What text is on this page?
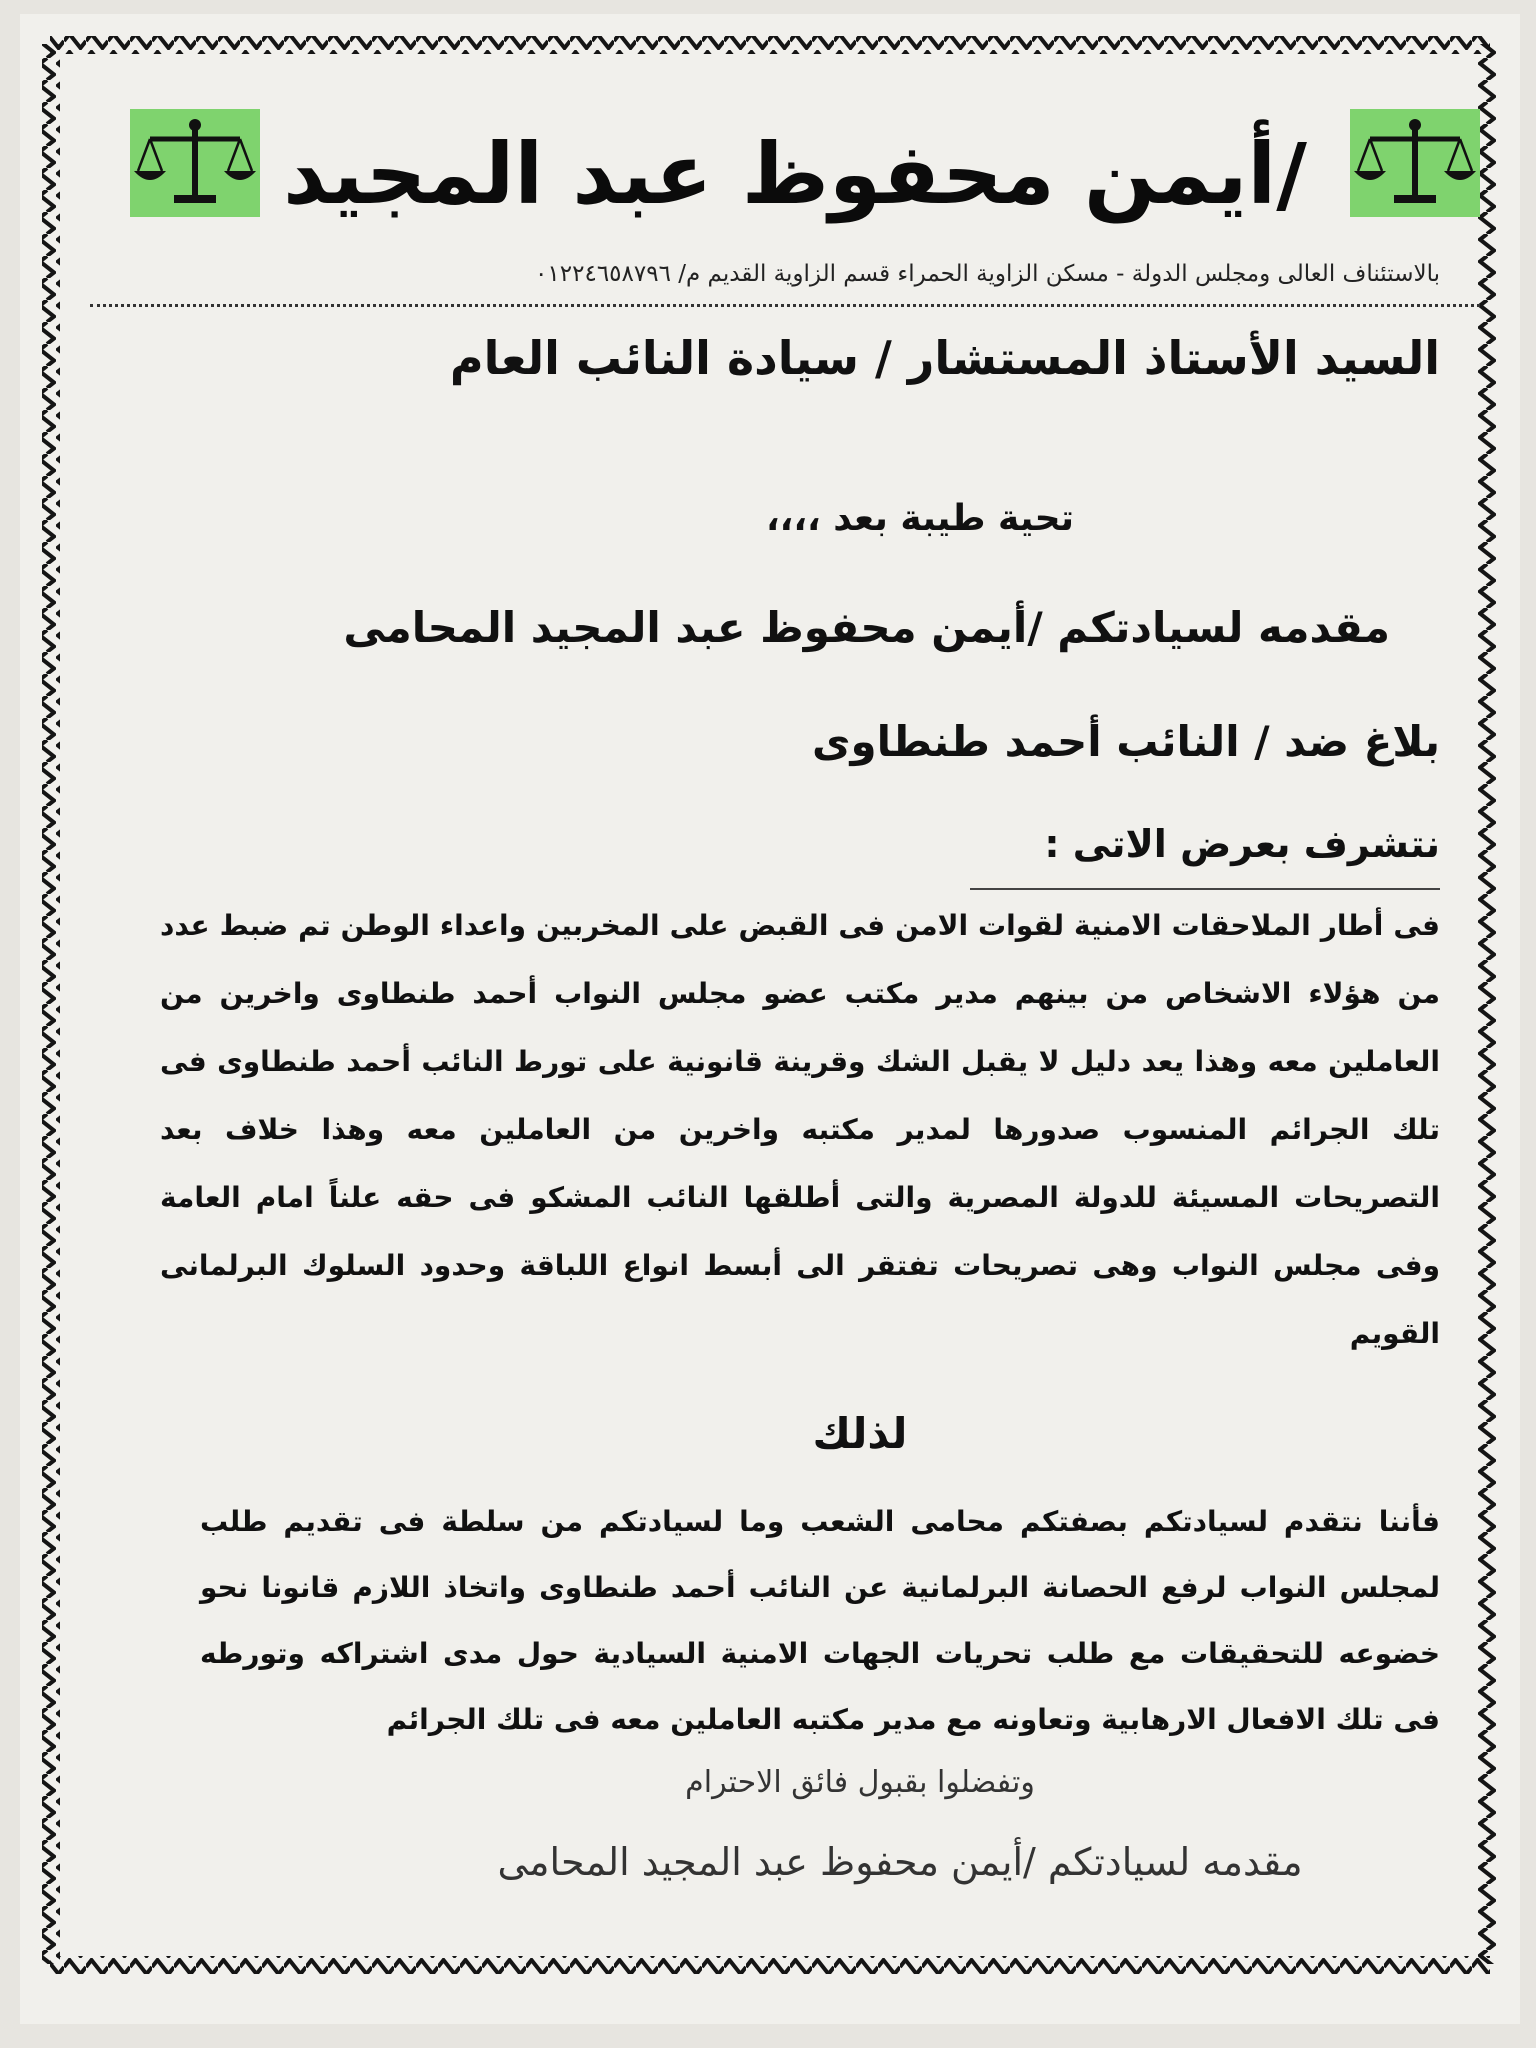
/أيمن محفوظ عبد المجيد
بالاستئناف العالى ومجلس الدولة - مسكن الزاوية الحمراء قسم الزاوية القديم م/ ٠١٢٢٤٦٥٨٧٩٦
السيد الأستاذ المستشار / سيادة النائب العام
تحية طيبة بعد ،،،،
مقدمه لسيادتكم /أيمن محفوظ عبد المجيد المحامى
بلاغ ضد / النائب أحمد طنطاوى
نتشرف بعرض الاتى :
فى أطار الملاحقات الامنية لقوات الامن فى القبض على المخربين واعداء الوطن تم ضبط عدد من هؤلاء الاشخاص من بينهم مدير مكتب عضو مجلس النواب أحمد طنطاوى واخرين من العاملين معه وهذا يعد دليل لا يقبل الشك وقرينة قانونية على تورط النائب أحمد طنطاوى فى تلك الجرائم المنسوب صدورها لمدير مكتبه واخرين من العاملين معه وهذا خلاف بعد التصريحات المسيئة للدولة المصرية والتى أطلقها النائب المشكو فى حقه علناً امام العامة وفى مجلس النواب وهى تصريحات تفتقر الى أبسط انواع اللباقة وحدود السلوك البرلمانى القويم
لذلك
فأننا نتقدم لسيادتكم بصفتكم محامى الشعب وما لسيادتكم من سلطة فى تقديم طلب لمجلس النواب لرفع الحصانة البرلمانية عن النائب أحمد طنطاوى واتخاذ اللازم قانونا نحو خضوعه للتحقيقات مع طلب تحريات الجهات الامنية السيادية حول مدى اشتراكه وتورطه فى تلك الافعال الارهابية وتعاونه مع مدير مكتبه العاملين معه فى تلك الجرائم
وتفضلوا بقبول فائق الاحترام
مقدمه لسيادتكم /أيمن محفوظ عبد المجيد المحامى
